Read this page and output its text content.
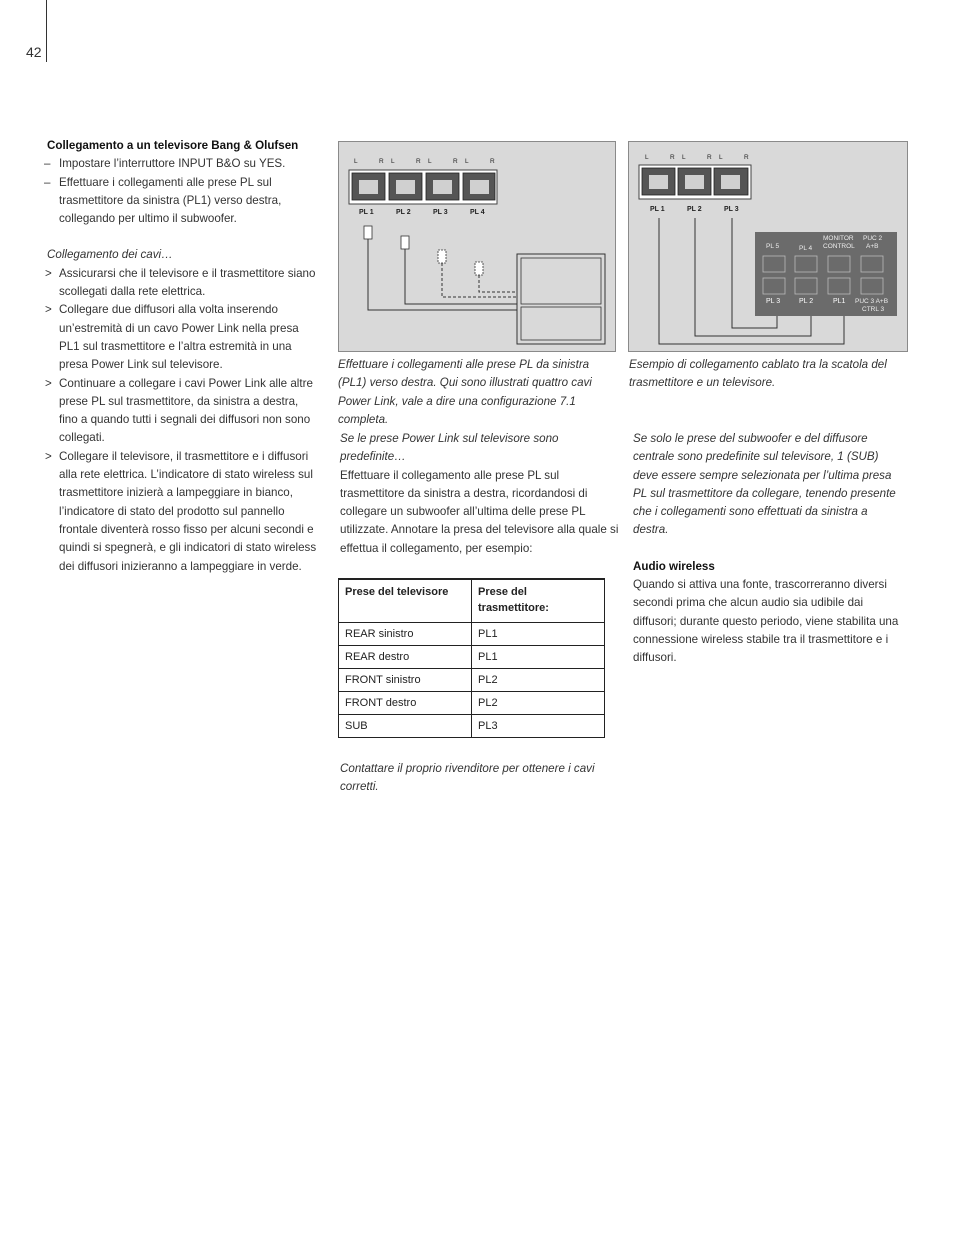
42
Collegamento a un televisore Bang & Olufsen
– Impostare l’interruttore INPUT B&O su YES.
– Effettuare i collegamenti alle prese PL sul trasmettitore da sinistra (PL1) verso destra, collegando per ultimo il subwoofer.
Collegamento dei cavi…
> Assicurarsi che il televisore e il trasmettitore siano scollegati dalla rete elettrica.
> Collegare due diffusori alla volta inserendo un’estremità di un cavo Power Link nella presa PL1 sul trasmettitore e l’altra estremità in una presa Power Link sul televisore.
> Continuare a collegare i cavi Power Link alle altre prese PL sul trasmettitore, da sinistra a destra, fino a quando tutti i segnali dei diffusori non sono collegati.
> Collegare il televisore, il trasmettitore e i diffusori alla rete elettrica. L’indicatore di stato wireless sul trasmettitore inizierà a lampeggiare in bianco, l’indicatore di stato del prodotto sul pannello frontale diventerà rosso fisso per alcuni secondi e quindi si spegnerà, e gli indicatori di stato wireless dei diffusori inizieranno a lampeggiare in verde.
L	R L	R L	R L	R
PL 1	PL 2	PL 3	PL 4
Effettuare i collegamenti alle prese PL da sinistra (PL1) verso destra. Qui sono illustrati quattro cavi Power Link, vale a dire una configurazione 7.1 completa.
L	R L	R L	R
PL 1	PL 2	PL 3
PL 5	PL 4
MONITOR
CONTROL
PUC 2
A+B
PL 3	PL 2	PL1 PUC 3 A+B
CTRL 3
Esempio di collegamento cablato tra la scatola del trasmettitore e un televisore.
Se le prese Power Link sul televisore sono predefinite…
Effettuare il collegamento alle prese PL sul trasmettitore da sinistra a destra, ricordandosi di collegare un subwoofer all’ultima delle prese PL utilizzate. Annotare la presa del televisore alla quale si effettua il collegamento, per esempio:
Prese del televisore	Prese del trasmettitore:
REAR sinistro	PL1
REAR destro	PL1
FRONT sinistro	PL2
FRONT destro	PL2
SUB	PL3
Contattare il proprio rivenditore per ottenere i cavi corretti.
Se solo le prese del subwoofer e del diffusore centrale sono predefinite sul televisore, 1 (SUB) deve essere sempre selezionata per l’ultima presa PL sul trasmettitore da collegare, tenendo presente che i collegamenti sono effettuati da sinistra a destra.
Audio wireless
Quando si attiva una fonte, trascorreranno diversi secondi prima che alcun audio sia udibile dai diffusori; durante questo periodo, viene stabilita una connessione wireless stabile tra il trasmettitore e i diffusori.
